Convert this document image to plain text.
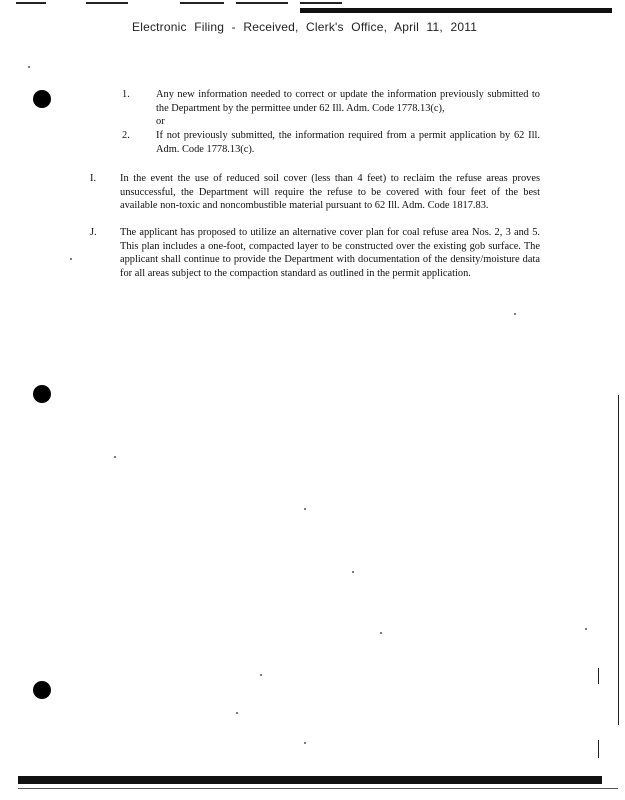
Electronic Filing - Received, Clerk's Office, April 11, 2011
1.	Any new information needed to correct or update the information previously submitted to the Department by the permittee under 62 Ill. Adm. Code 1778.13(c),
or
2.	If not previously submitted, the information required from a permit application by 62 Ill. Adm. Code 1778.13(c).
I. In the event the use of reduced soil cover (less than 4 feet) to reclaim the refuse areas proves unsuccessful, the Department will require the refuse to be covered with four feet of the best available non-toxic and noncombustible material pursuant to 62 Ill. Adm. Code 1817.83.
J. The applicant has proposed to utilize an alternative cover plan for coal refuse area Nos. 2, 3 and 5. This plan includes a one-foot, compacted layer to be constructed over the existing gob surface. The applicant shall continue to provide the Department with documentation of the density/moisture data for all areas subject to the compaction standard as outlined in the permit application.
